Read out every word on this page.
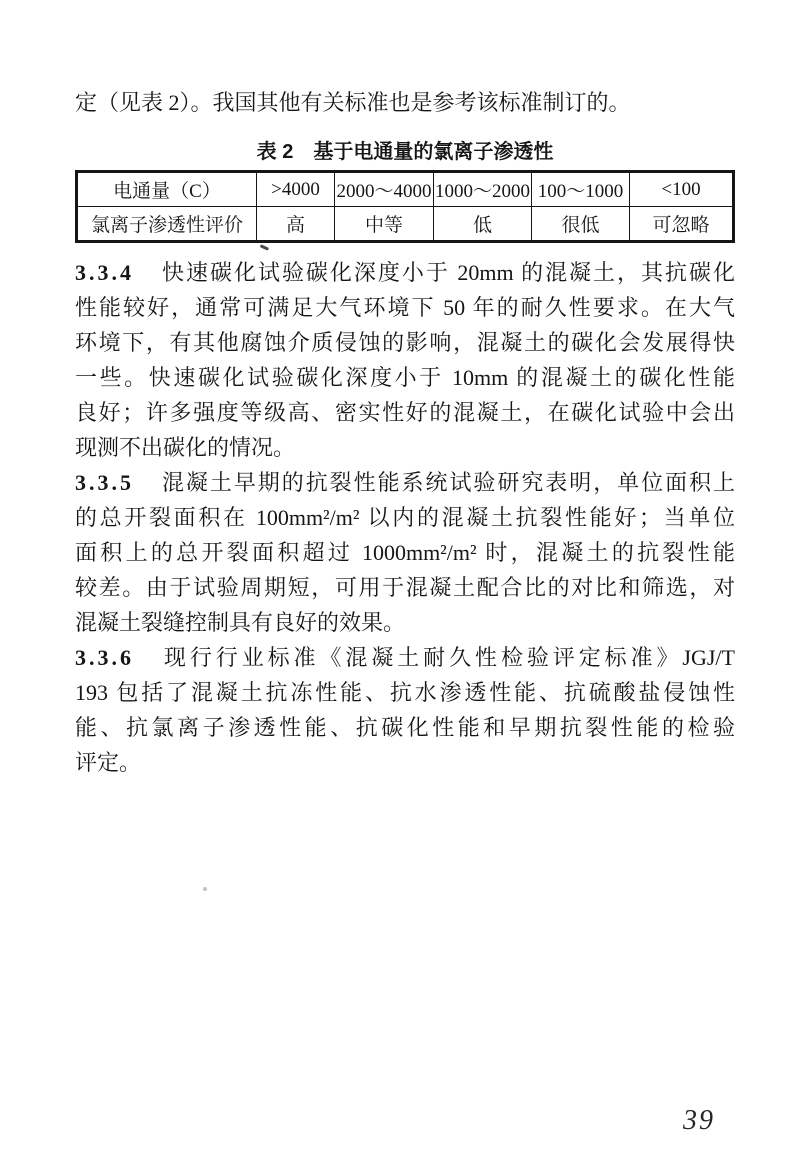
定（见表 2）。我国其他有关标准也是参考该标准制订的。
表 2　基于电通量的氯离子渗透性
电通量（C）	>4000	2000～4000	1000～2000	100～1000	<100
氯离子渗透性评价	高	中等	低	很低	可忽略
3.3.4 快速碳化试验碳化深度小于 20mm 的混凝土，其抗碳化
性能较好，通常可满足大气环境下 50 年的耐久性要求。在大气
环境下，有其他腐蚀介质侵蚀的影响，混凝土的碳化会发展得快
一些。快速碳化试验碳化深度小于 10mm 的混凝土的碳化性能
良好；许多强度等级高、密实性好的混凝土，在碳化试验中会出
现测不出碳化的情况。
3.3.5 混凝土早期的抗裂性能系统试验研究表明，单位面积上
的总开裂面积在 100mm²/m² 以内的混凝土抗裂性能好；当单位
面积上的总开裂面积超过 1000mm²/m² 时，混凝土的抗裂性能
较差。由于试验周期短，可用于混凝土配合比的对比和筛选，对
混凝土裂缝控制具有良好的效果。
3.3.6 现行行业标准《混凝土耐久性检验评定标准》JGJ/T
193 包括了混凝土抗冻性能、抗水渗透性能、抗硫酸盐侵蚀性
能、抗氯离子渗透性能、抗碳化性能和早期抗裂性能的检验
评定。
39
